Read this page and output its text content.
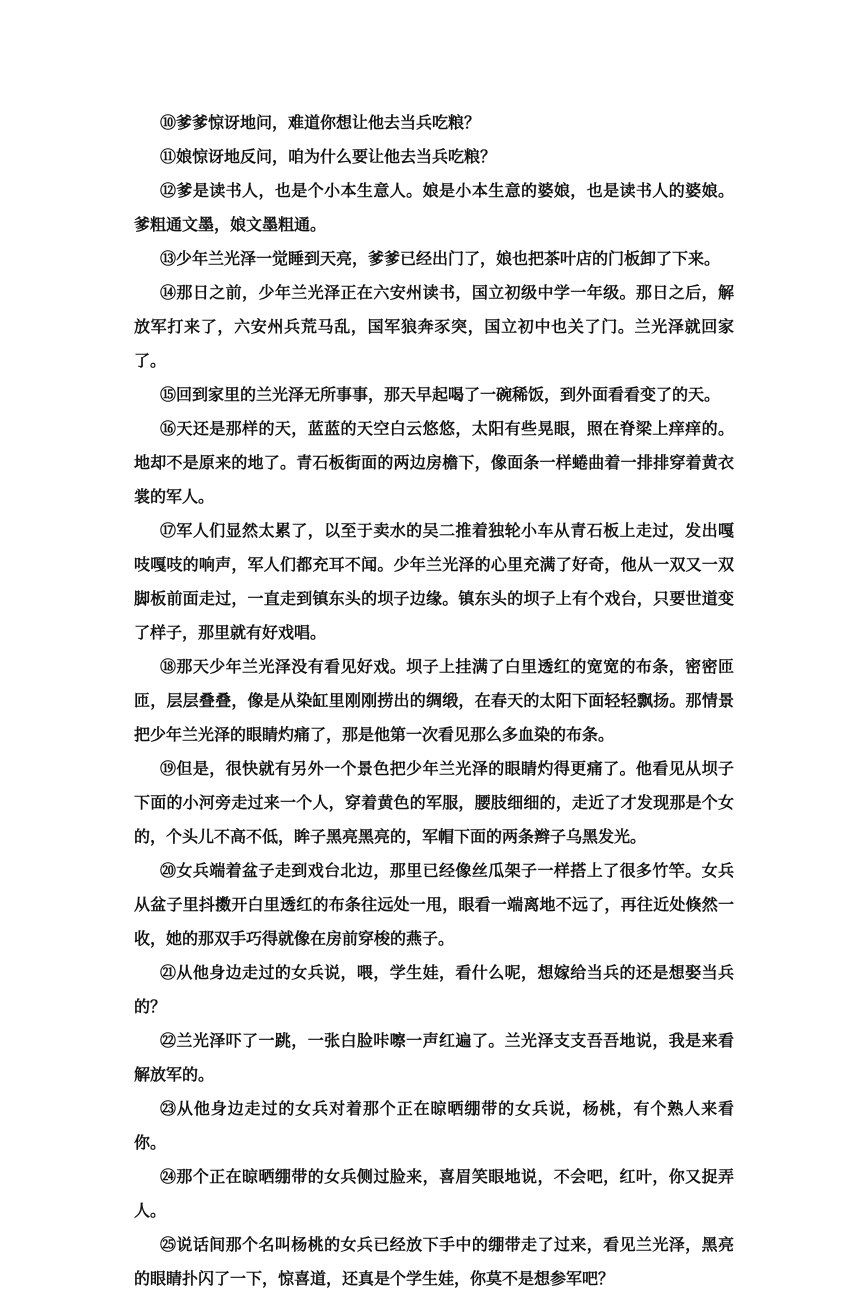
⑩爹爹惊讶地问，难道你想让他去当兵吃粮？

⑪娘惊讶地反问，咱为什么要让他去当兵吃粮？

⑫爹是读书人，也是个小本生意人。娘是小本生意的婆娘，也是读书人的婆娘。爹粗通文墨，娘文墨粗通。

⑬少年兰光泽一觉睡到天亮，爹爹已经出门了，娘也把茶叶店的门板卸了下来。

⑭那日之前，少年兰光泽正在六安州读书，国立初级中学一年级。那日之后，解放军打来了，六安州兵荒马乱，国军狼奔豕突，国立初中也关了门。兰光泽就回家了。

⑮回到家里的兰光泽无所事事，那天早起喝了一碗稀饭，到外面看看变了的天。

⑯天还是那样的天，蓝蓝的天空白云悠悠，太阳有些晃眼，照在脊梁上痒痒的。地却不是原来的地了。青石板街面的两边房檐下，像面条一样蜷曲着一排排穿着黄衣裳的军人。

⑰军人们显然太累了，以至于卖水的吴二推着独轮小车从青石板上走过，发出嘎吱嘎吱的响声，军人们都充耳不闻。少年兰光泽的心里充满了好奇，他从一双又一双脚板前面走过，一直走到镇东头的坝子边缘。镇东头的坝子上有个戏台，只要世道变了样子，那里就有好戏唱。

⑱那天少年兰光泽没有看见好戏。坝子上挂满了白里透红的宽宽的布条，密密匝匝，层层叠叠，像是从染缸里刚刚捞出的绸缎，在春天的太阳下面轻轻飘扬。那情景把少年兰光泽的眼睛灼痛了，那是他第一次看见那么多血染的布条。

⑲但是，很快就有另外一个景色把少年兰光泽的眼睛灼得更痛了。他看见从坝子下面的小河旁走过来一个人，穿着黄色的军服，腰肢细细的，走近了才发现那是个女的，个头儿不高不低，眸子黑亮黑亮的，军帽下面的两条辫子乌黑发光。

⑳女兵端着盆子走到戏台北边，那里已经像丝瓜架子一样搭上了很多竹竿。女兵从盆子里抖擞开白里透红的布条往远处一甩，眼看一端离地不远了，再往近处倏然一收，她的那双手巧得就像在房前穿梭的燕子。

㉑从他身边走过的女兵说，喂，学生娃，看什么呢，想嫁给当兵的还是想娶当兵的？

㉒兰光泽吓了一跳，一张白脸咔嚓一声红遍了。兰光泽支支吾吾地说，我是来看解放军的。

㉓从他身边走过的女兵对着那个正在晾晒绷带的女兵说，杨桃，有个熟人来看你。

㉔那个正在晾晒绷带的女兵侧过脸来，喜眉笑眼地说，不会吧，红叶，你又捉弄人。

㉕说话间那个名叫杨桃的女兵已经放下手中的绷带走了过来，看见兰光泽，黑亮的眼睛扑闪了一下，惊喜道，还真是个学生娃，你莫不是想参军吧？
